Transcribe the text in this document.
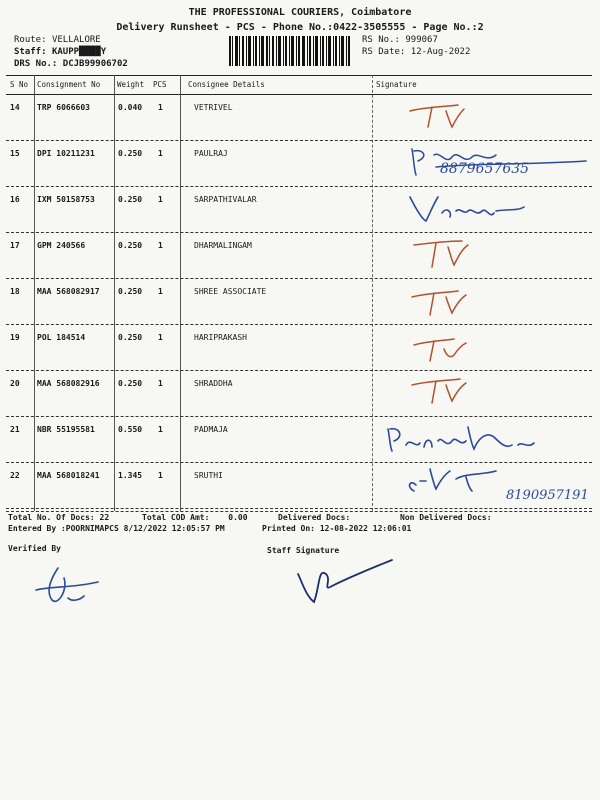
THE PROFESSIONAL COURIERS, Coimbatore
Delivery Runsheet - PCS - Phone No.:0422-3505555 - Page No.:2
Route: VELLALORE
Staff: KAUPP████Y
DRS No.: DCJB99906702
RS No.: 999067
RS Date: 12-Aug-2022
S No Consignment No Weight PCS	Consignee Details	Signature
14 TRP 6066603	0.040 1	VETRIVEL
15 DPI 10211231	0.250 1	PAULRAJ
8879657635
16 IXM 50158753	0.250 1	SARPATHIVALAR
17 GPM 240566	0.250 1	DHARMALINGAM
18 MAA 568082917 0.250 1	SHREE ASSOCIATE
19 POL 184514	0.250 1	HARIPRAKASH
20 MAA 568082916 0.250 1	SHRADDHA
21 NBR 55195581	0.550 1	PADMAJA
22 MAA 568018241 1.345 1	SRUTHI
8190957191
Total No. Of Docs: 22	Total COD Amt: 0.00	Delivered Docs:	Non Delivered Docs:
Entered By :POORNIMAPCS 8/12/2022 12:05:57 PM	Printed On: 12-08-2022 12:06:01
Verified By	Staff Signature
